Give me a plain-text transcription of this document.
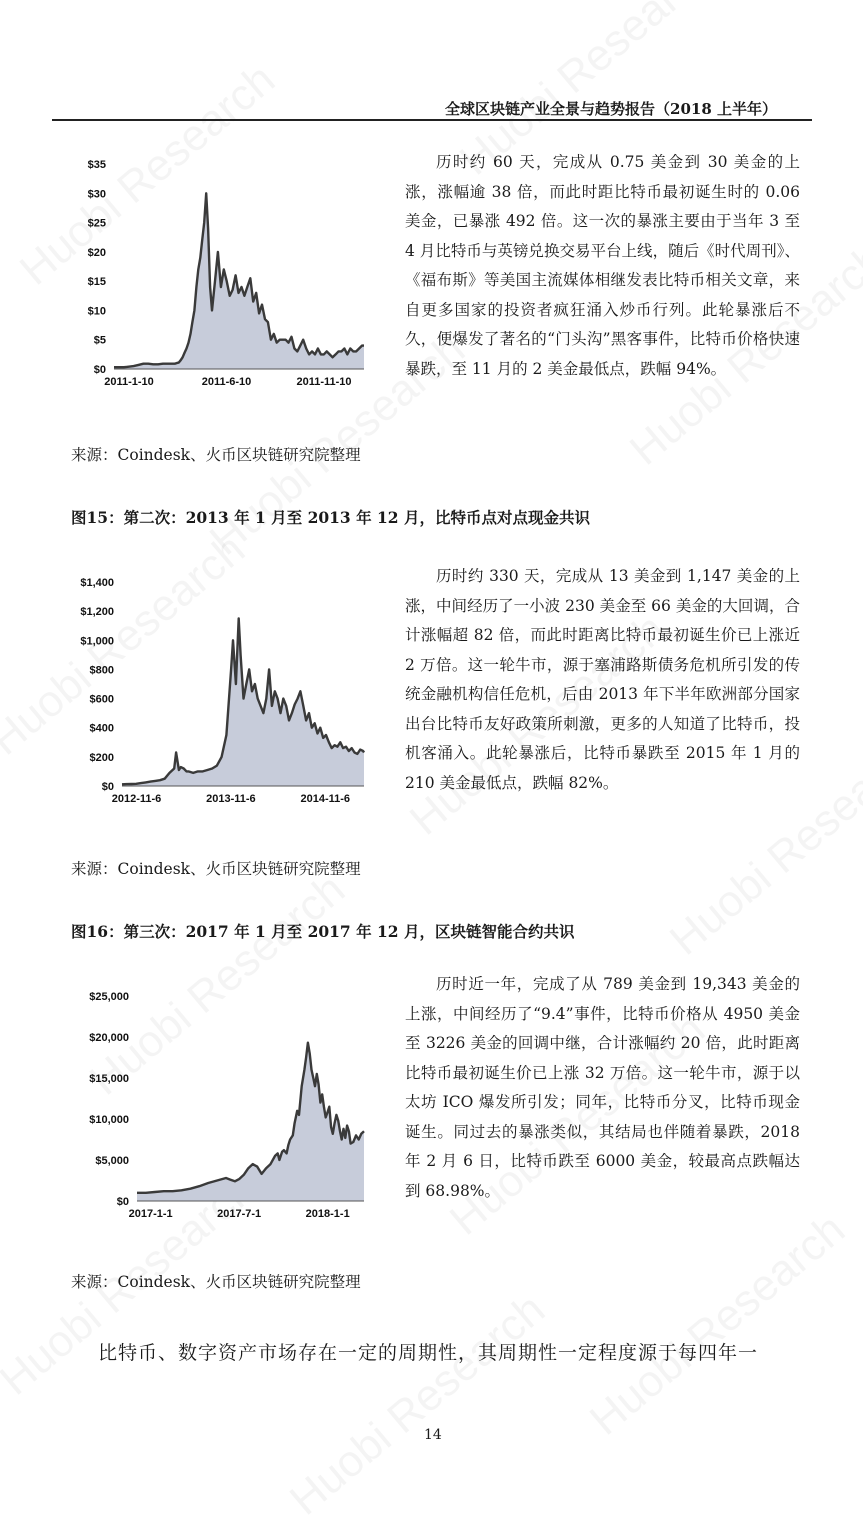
全球区块链产业全景与趋势报告（2018 上半年）
$0
$5
$10
$15
$20
$25
$30
$35
2011-1-10	2011-6-10	2011-11-10

历时约 60 天，完成从 0.75 美金到 30 美金的上涨，涨幅逾 38 倍，而此时距比特币最初诞生时的 0.06 美金，已暴涨 492 倍。这一次的暴涨主要由于当年 3 至 4 月比特币与英镑兑换交易平台上线，随后《时代周刊》、《福布斯》等美国主流媒体相继发表比特币相关文章，来自更多国家的投资者疯狂涌入炒币行列。此轮暴涨后不久，便爆发了著名的“门头沟”黑客事件，比特币价格快速暴跌，至 11 月的 2 美金最低点，跌幅 94%。

来源：Coindesk、火币区块链研究院整理
图15：第二次：2013 年 1 月至 2013 年 12 月，比特币点对点现金共识
$0
$200
$400
$600
$800
$1,000
$1,200
$1,400
2012-11-6	2013-11-6	2014-11-6

历时约 330 天，完成从 13 美金到 1,147 美金的上涨，中间经历了一小波 230 美金至 66 美金的大回调，合计涨幅超 82 倍，而此时距离比特币最初诞生价已上涨近 2 万倍。这一轮牛市，源于塞浦路斯债务危机所引发的传统金融机构信任危机，后由 2013 年下半年欧洲部分国家出台比特币友好政策所刺激，更多的人知道了比特币，投机客涌入。此轮暴涨后，比特币暴跌至 2015 年 1 月的 210 美金最低点，跌幅 82%。

来源：Coindesk、火币区块链研究院整理
图16：第三次：2017 年 1 月至 2017 年 12 月，区块链智能合约共识
$0
$5,000
$10,000
$15,000
$20,000
$25,000
2017-1-1	2017-7-1	2018-1-1

历时近一年，完成了从 789 美金到 19,343 美金的上涨，中间经历了“9.4”事件，比特币价格从 4950 美金至 3226 美金的回调中继，合计涨幅约 20 倍，此时距离比特币最初诞生价已上涨 32 万倍。这一轮牛市，源于以太坊 ICO 爆发所引发；同年，比特币分叉，比特币现金诞生。同过去的暴涨类似，其结局也伴随着暴跌，2018 年 2 月 6 日，比特币跌至 6000 美金，较最高点跌幅达到 68.98%。

来源：Coindesk、火币区块链研究院整理
比特币、数字资产市场存在一定的周期性，其周期性一定程度源于每四年一
14
